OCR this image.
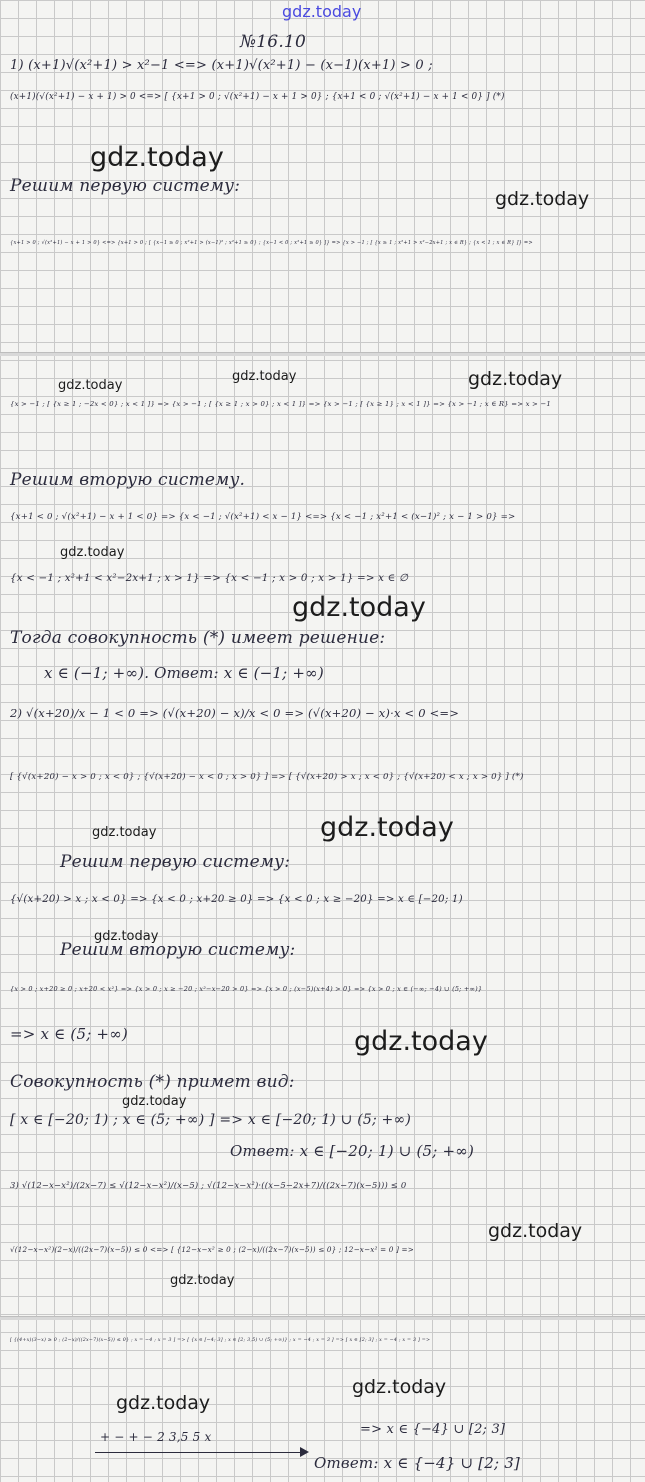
gdz.today
gdz.today
gdz.today
gdz.today
gdz.today
gdz.today
gdz.today
gdz.today
gdz.today
gdz.today
gdz.today
gdz.today
gdz.today
gdz.today
gdz.today
gdz.today
gdz.today
№16.10
1) (x+1)√(x²+1) > x²−1 <=> (x+1)√(x²+1) − (x−1)(x+1) > 0 ;
(x+1)(√(x²+1) − x + 1) > 0 <=> [ {x+1 > 0 ; √(x²+1) − x + 1 > 0} ; {x+1 < 0 ; √(x²+1) − x + 1 < 0} ] (*)
Решим первую систему:
{x+1 > 0 ; √(x²+1) − x + 1 > 0} <=> {x+1 > 0 ; [ {x−1 ≥ 0 ; x²+1 > (x−1)² ; x²+1 ≥ 0} ; {x−1 < 0 ; x²+1 ≥ 0} ]} => {x > −1 ; [ {x ≥ 1 ; x²+1 > x²−2x+1 ; x ∈ R} ; {x < 1 ; x ∈ R} ]} =>
{x > −1 ; [ {x ≥ 1 ; −2x < 0} ; x < 1 ]} => {x > −1 ; [ {x ≥ 1 ; x > 0} ; x < 1 ]} => {x > −1 ; [ {x ≥ 1} ; x < 1 ]} => {x > −1 ; x ∈ R} => x > −1
Решим вторую систему.
{x+1 < 0 ; √(x²+1) − x + 1 < 0} => {x < −1 ; √(x²+1) < x − 1} <=> {x < −1 ; x²+1 < (x−1)² ; x − 1 > 0} =>
{x < −1 ; x²+1 < x²−2x+1 ; x > 1} => {x < −1 ; x > 0 ; x > 1} => x ∈ ∅
Тогда совокупность (*) имеет решение:
x ∈ (−1; +∞). Ответ: x ∈ (−1; +∞)
2) √(x+20)/x − 1 < 0 => (√(x+20) − x)/x < 0 => (√(x+20) − x)·x < 0 <=>
[ {√(x+20) − x > 0 ; x < 0} ; {√(x+20) − x < 0 ; x > 0} ] => [ {√(x+20) > x ; x < 0} ; {√(x+20) < x ; x > 0} ] (*)
Решим первую систему:
{√(x+20) > x ; x < 0} => {x < 0 ; x+20 ≥ 0} => {x < 0 ; x ≥ −20} => x ∈ [−20; 1)
Решим вторую систему:
{x > 0 ; x+20 ≥ 0 ; x+20 < x²} => {x > 0 ; x ≥ −20 ; x²−x−20 > 0} => {x > 0 ; (x−5)(x+4) > 0} => {x > 0 ; x ∈ (−∞; −4) ∪ (5; +∞)}
=> x ∈ (5; +∞)
Совокупность (*) примет вид:
[ x ∈ [−20; 1) ; x ∈ (5; +∞) ] => x ∈ [−20; 1) ∪ (5; +∞)
Ответ: x ∈ [−20; 1) ∪ (5; +∞)
3) √(12−x−x²)/(2x−7) ≤ √(12−x−x²)/(x−5) ; √(12−x−x²)·((x−5−2x+7)/((2x−7)(x−5))) ≤ 0
√(12−x−x²)(2−x)/((2x−7)(x−5)) ≤ 0 <=> [ {12−x−x² ≥ 0 ; (2−x)/((2x−7)(x−5)) ≤ 0} ; 12−x−x² = 0 ] =>
[ {(4+x)(3−x) ≥ 0 ; (2−x)/((2x−7)(x−5)) ≤ 0} ; x = −4 ; x = 3 ] => [ {x ∈ [−4; 3] ; x ∈ [2; 3,5) ∪ (5; +∞)} ; x = −4 ; x = 3 ] => [ x ∈ [2; 3] ; x = −4 ; x = 3 ] =>
=> x ∈ {−4} ∪ [2; 3]
+ − + − 2 3,5 5 x
Ответ: x ∈ {−4} ∪ [2; 3]
